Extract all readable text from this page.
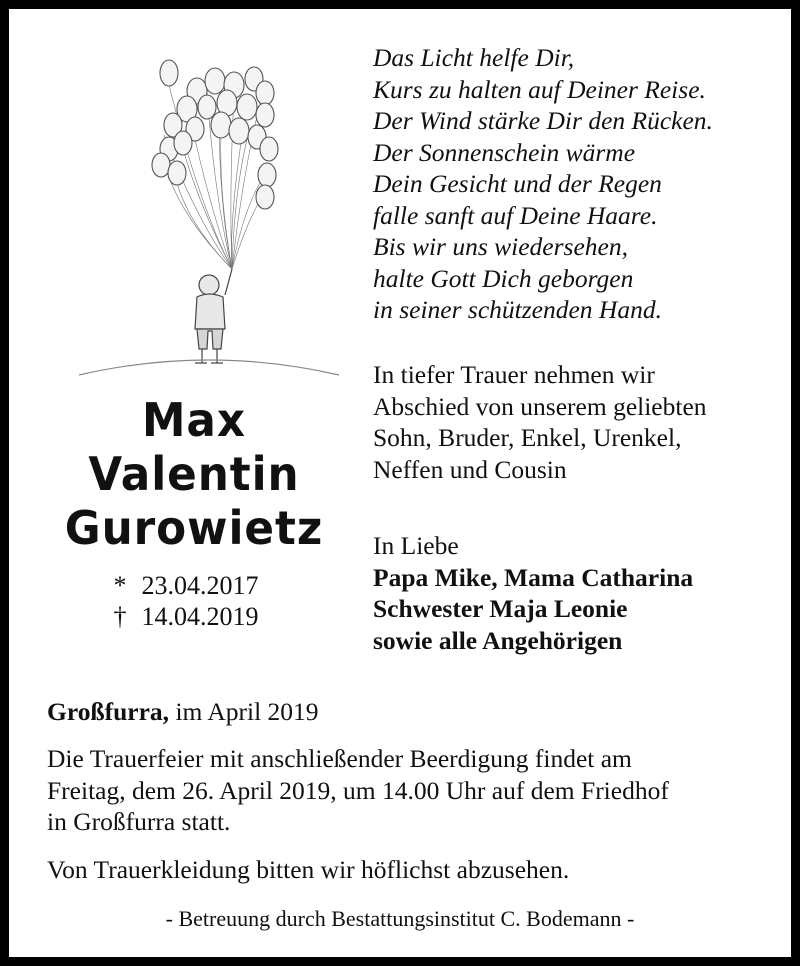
Das Licht helfe Dir,
Kurs zu halten auf Deiner Reise.
Der Wind stärke Dir den Rücken.
Der Sonnenschein wärme
Dein Gesicht und der Regen
falle sanft auf Deine Haare.
Bis wir uns wiedersehen,
halte Gott Dich geborgen
in seiner schützenden Hand.
In tiefer Trauer nehmen wir
Abschied von unserem geliebten
Sohn, Bruder, Enkel, Urenkel,
Neffen und Cousin
Max
Valentin
Gurowietz
* 23.04.2017
† 14.04.2019
In Liebe
Papa Mike, Mama Catharina
Schwester Maja Leonie
sowie alle Angehörigen
Großfurra, im April 2019
Die Trauerfeier mit anschließender Beerdigung findet am
Freitag, dem 26. April 2019, um 14.00 Uhr auf dem Friedhof
in Großfurra statt.
Von Trauerkleidung bitten wir höflichst abzusehen.
- Betreuung durch Bestattungsinstitut C. Bodemann -
